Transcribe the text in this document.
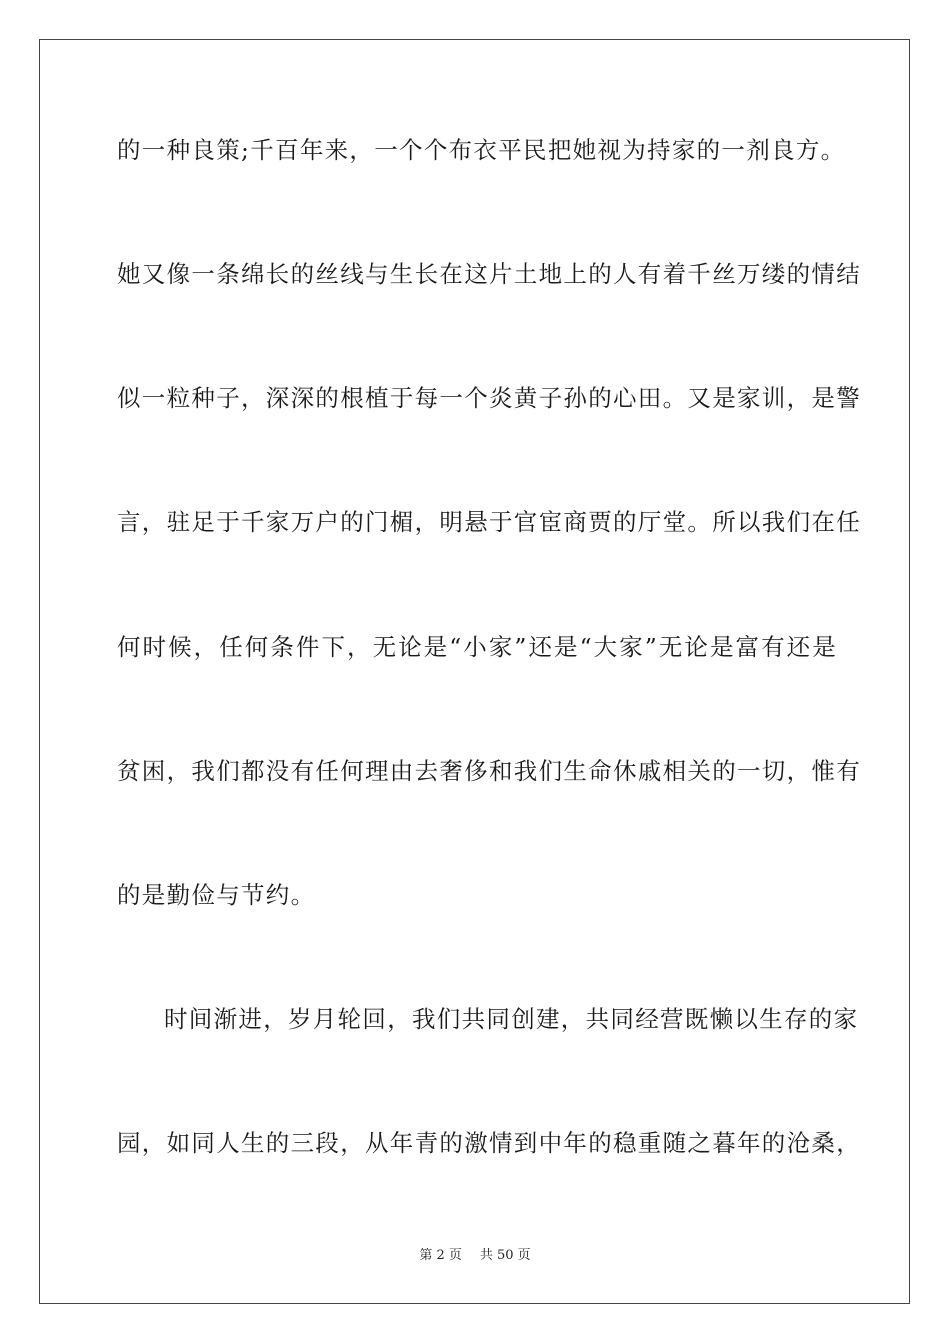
的一种良策;千百年来，一个个布衣平民把她视为持家的一剂良方。
她又像一条绵长的丝线与生长在这片土地上的人有着千丝万缕的情结
似一粒种子，深深的根植于每一个炎黄子孙的心田。又是家训，是警
言，驻足于千家万户的门楣，明悬于官宦商贾的厅堂。所以我们在任
何时候，任何条件下，无论是“小家”还是“大家”无论是富有还是
贫困，我们都没有任何理由去奢侈和我们生命休戚相关的一切，惟有
的是勤俭与节约。
时间渐进，岁月轮回，我们共同创建，共同经营既懒以生存的家
园，如同人生的三段，从年青的激情到中年的稳重随之暮年的沧桑，
第 2 页 共 50 页
